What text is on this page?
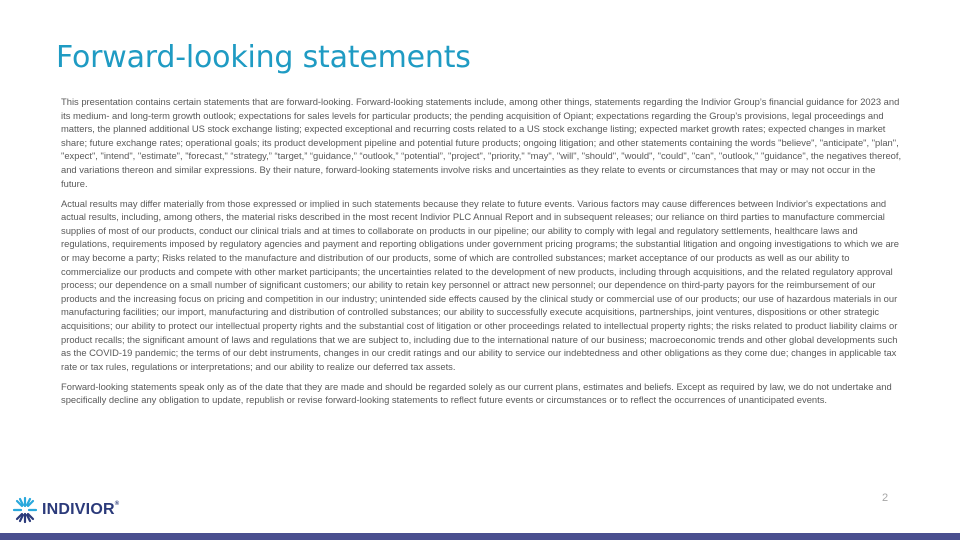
Forward-looking statements

This presentation contains certain statements that are forward-looking. Forward-looking statements include, among other things, statements regarding the Indivior Group’s financial guidance for 2023 and its medium- and long-term growth outlook; expectations for sales levels for particular products; the pending acquisition of Opiant; expectations regarding the Group's provisions, legal proceedings and matters, the planned additional US stock exchange listing; expected exceptional and recurring costs related to a US stock exchange listing; expected market growth rates; expected changes in market share; future exchange rates; operational goals; its product development pipeline and potential future products; ongoing litigation; and other statements containing the words "believe", "anticipate", "plan", "expect", "intend", "estimate", "forecast," “strategy,” “target,” “guidance,” “outlook,” “potential”, "project", "priority," "may", "will", "should", "would", "could", "can", "outlook," "guidance", the negatives thereof, and variations thereon and similar expressions. By their nature, forward-looking statements involve risks and uncertainties as they relate to events or circumstances that may or may not occur in the future.

Actual results may differ materially from those expressed or implied in such statements because they relate to future events. Various factors may cause differences between Indivior's expectations and actual results, including, among others, the material risks described in the most recent Indivior PLC Annual Report and in subsequent releases; our reliance on third parties to manufacture commercial supplies of most of our products, conduct our clinical trials and at times to collaborate on products in our pipeline; our ability to comply with legal and regulatory settlements, healthcare laws and regulations, requirements imposed by regulatory agencies and payment and reporting obligations under government pricing programs; the substantial litigation and ongoing investigations to which we are or may become a party; Risks related to the manufacture and distribution of our products, some of which are controlled substances; market acceptance of our products as well as our ability to commercialize our products and compete with other market participants; the uncertainties related to the development of new products, including through acquisitions, and the related regulatory approval process; our dependence on a small number of significant customers; our ability to retain key personnel or attract new personnel; our dependence on third-party payors for the reimbursement of our products and the increasing focus on pricing and competition in our industry; unintended side effects caused by the clinical study or commercial use of our products; our use of hazardous materials in our manufacturing facilities; our import, manufacturing and distribution of controlled substances; our ability to successfully execute acquisitions, partnerships, joint ventures, dispositions or other strategic acquisitions; our ability to protect our intellectual property rights and the substantial cost of litigation or other proceedings related to intellectual property rights; the risks related to product liability claims or product recalls; the significant amount of laws and regulations that we are subject to, including due to the international nature of our business; macroeconomic trends and other global developments such as the COVID-19 pandemic; the terms of our debt instruments, changes in our credit ratings and our ability to service our indebtedness and other obligations as they come due; changes in applicable tax rate or tax rules, regulations or interpretations; and our ability to realize our deferred tax assets.

Forward-looking statements speak only as of the date that they are made and should be regarded solely as our current plans, estimates and beliefs. Except as required by law, we do not undertake and specifically decline any obligation to update, republish or revise forward-looking statements to reflect future events or circumstances or to reflect the occurrences of unanticipated events.

2
INDIVIOR®
